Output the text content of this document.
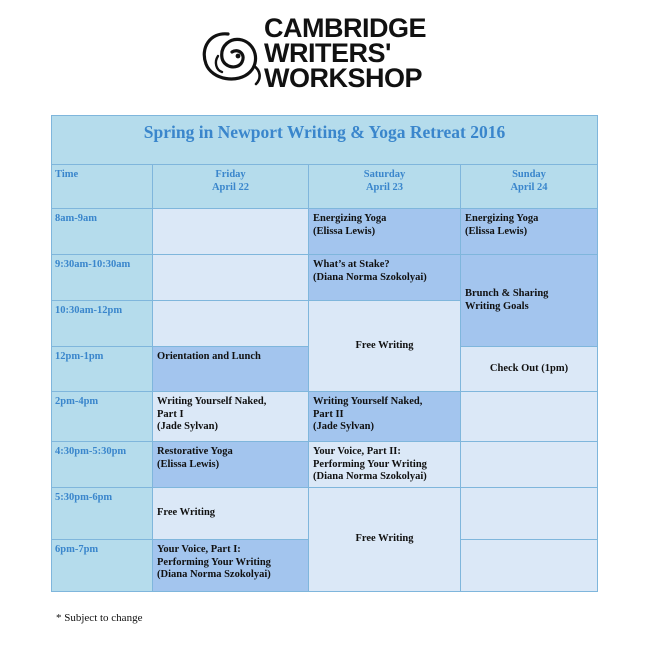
CAMBRIDGE
WRITERS'
WORKSHOP
Spring in Newport Writing & Yoga Retreat 2016
Time	Friday
April 22
Saturday
April 23
Sunday
April 24
8am-9am
9:30am-10:30am
10:30am-12pm
12pm-1pm
2pm-4pm
4:30pm-5:30pm
5:30pm-6pm
6pm-7pm
Orientation and Lunch
Writing Yourself Naked,
Part I
(Jade Sylvan)
Restorative Yoga
(Elissa Lewis)
Free Writing
Your Voice, Part I:
Performing Your Writing
(Diana Norma Szokolyai)
Energizing Yoga
(Elissa Lewis)
What’s at Stake?
(Diana Norma Szokolyai)
Free Writing
Writing Yourself Naked,
Part II
(Jade Sylvan)
Your Voice, Part II:
Performing Your Writing
(Diana Norma Szokolyai)
Free Writing
Energizing Yoga
(Elissa Lewis)
Brunch & Sharing
Writing Goals
Check Out (1pm)
* Subject to change
